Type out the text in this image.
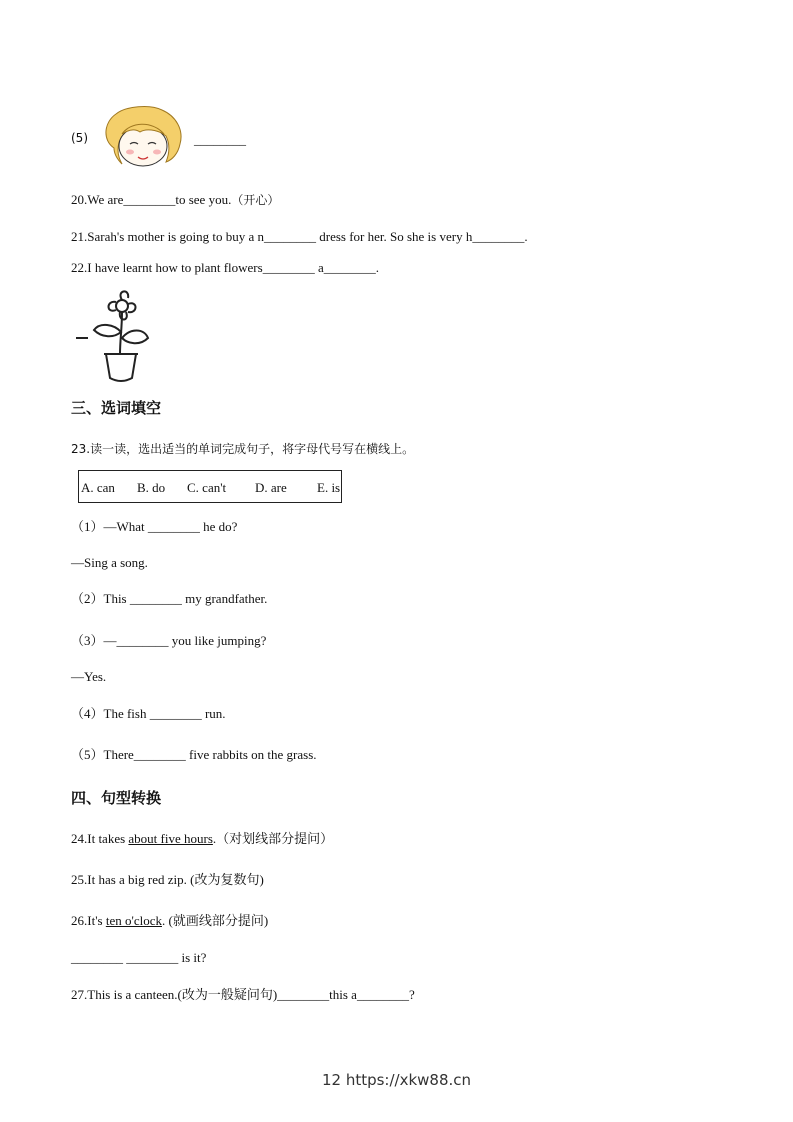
(5)	________
20.We are________to see you.（开心）
21.Sarah's mother is going to buy a n________ dress for her. So she is very h________.
22.I have learnt how to plant flowers________ a________.
三、选词填空
23.读一读，选出适当的单词完成句子，将字母代号写在横线上。
A. can B. do C. can't D. are E. is
（1）—What ________ he do?
—Sing a song.
（2）This ________ my grandfather.
（3）—________ you like jumping?
—Yes.
（4）The fish ________ run.
（5）There________ five rabbits on the grass.
四、句型转换
24.It takes about five hours.（对划线部分提问）
25.It has a big red zip. (改为复数句)
26.It's ten o'clock. (就画线部分提问)
________ ________ is it?
27.This is a canteen.(改为一般疑问句)________this a________?
12 https://xkw88.cn
